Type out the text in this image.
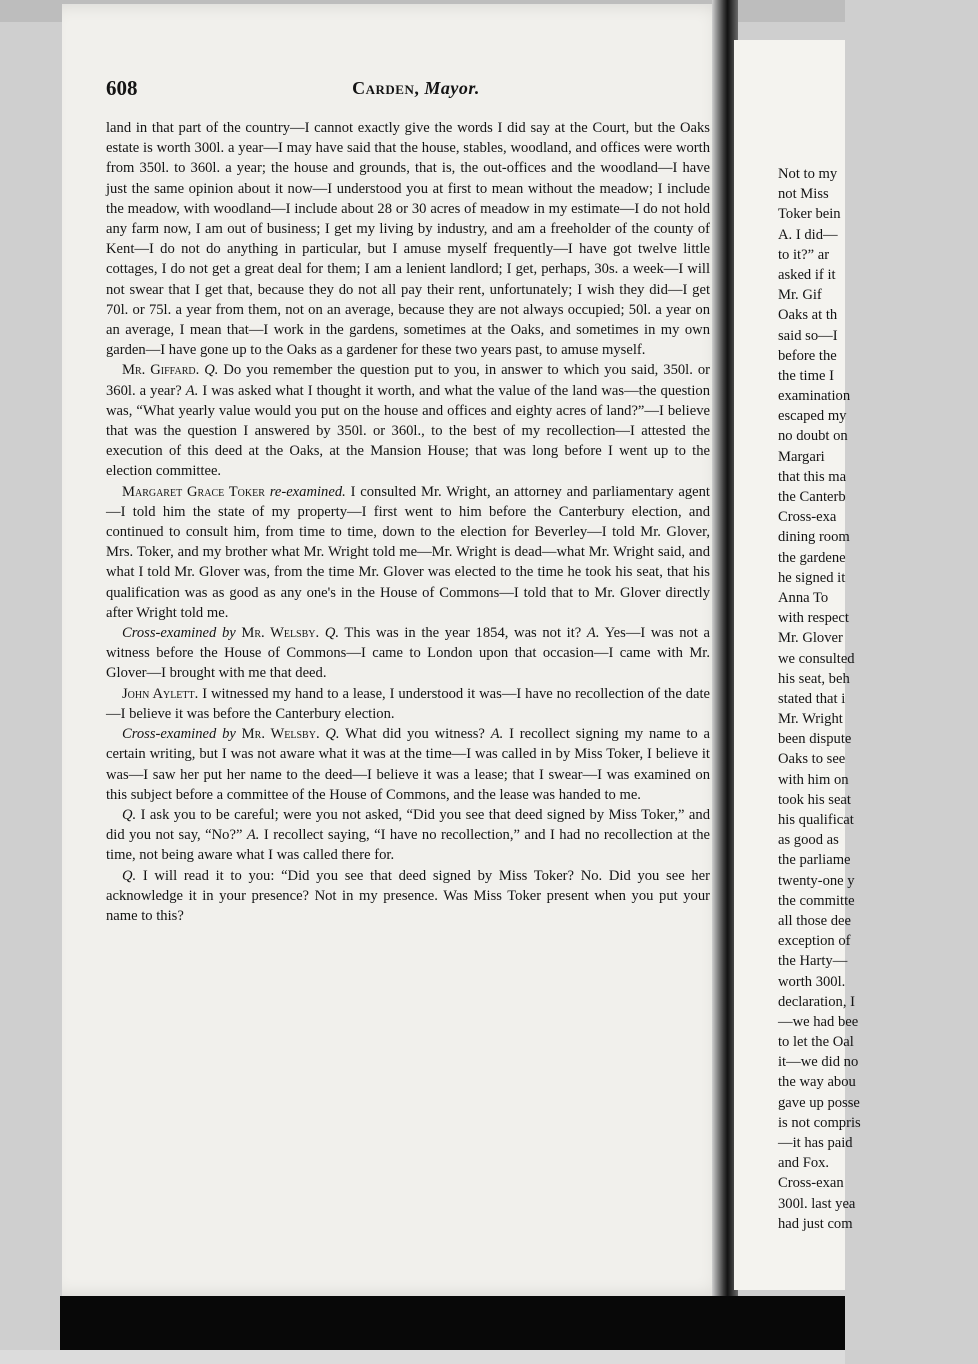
608	Carden, Mayor.

land in that part of the country—I cannot exactly give the words I did say at the Court, but the Oaks estate is worth 300l. a year—I may have said that the house, stables, woodland, and offices were worth from 350l. to 360l. a year; the house and grounds, that is, the out-offices and the woodland—I have just the same opinion about it now—I understood you at first to mean without the meadow; I include the meadow, with woodland—I include about 28 or 30 acres of meadow in my estimate—I do not hold any farm now, I am out of business; I get my living by industry, and am a freeholder of the county of Kent—I do not do anything in particular, but I amuse myself frequently—I have got twelve little cottages, I do not get a great deal for them; I am a lenient landlord; I get, perhaps, 30s. a week—I will not swear that I get that, because they do not all pay their rent, unfortunately; I wish they did—I get 70l. or 75l. a year from them, not on an average, because they are not always occupied; 50l. a year on an average, I mean that—I work in the gardens, sometimes at the Oaks, and sometimes in my own garden—I have gone up to the Oaks as a gardener for these two years past, to amuse myself.

Mr. Giffard. Q. Do you remember the question put to you, in answer to which you said, 350l. or 360l. a year? A. I was asked what I thought it worth, and what the value of the land was—the question was, “What yearly value would you put on the house and offices and eighty acres of land?”—I believe that was the question I answered by 350l. or 360l., to the best of my recollection—I attested the execution of this deed at the Oaks, at the Mansion House; that was long before I went up to the election committee.

Margaret Grace Toker re-examined. I consulted Mr. Wright, an attorney and parliamentary agent—I told him the state of my property—I first went to him before the Canterbury election, and continued to consult him, from time to time, down to the election for Beverley—I told Mr. Glover, Mrs. Toker, and my brother what Mr. Wright told me—Mr. Wright is dead—what Mr. Wright said, and what I told Mr. Glover was, from the time Mr. Glover was elected to the time he took his seat, that his qualification was as good as any one's in the House of Commons—I told that to Mr. Glover directly after Wright told me.

Cross-examined by Mr. Welsby. Q. This was in the year 1854, was not it? A. Yes—I was not a witness before the House of Commons—I came to London upon that occasion—I came with Mr. Glover—I brought with me that deed.

John Aylett. I witnessed my hand to a lease, I understood it was—I have no recollection of the date—I believe it was before the Canterbury election.

Cross-examined by Mr. Welsby. Q. What did you witness? A. I recollect signing my name to a certain writing, but I was not aware what it was at the time—I was called in by Miss Toker, I believe it was—I saw her put her name to the deed—I believe it was a lease; that I swear—I was examined on this subject before a committee of the House of Commons, and the lease was handed to me.

Q. I ask you to be careful; were you not asked, “Did you see that deed signed by Miss Toker,” and did you not say, “No?” A. I recollect saying, “I have no recollection,” and I had no recollection at the time, not being aware what I was called there for.

Q. I will read it to you: “Did you see that deed signed by Miss Toker? No. Did you see her acknowledge it in your presence? Not in my presence. Was Miss Toker present when you put your name to this?

Not to my
not Miss
Toker bein
A. I did—
to it?” ar
asked if it
Mr. Gif
Oaks at th
said so—I
before the
the time I
examination
escaped my
no doubt on
Margari
that this ma
the Canterb
Cross-exa
dining room
the gardene
he signed it
Anna To
with respect
Mr. Glover
we consulted
his seat, beh
stated that i
Mr. Wright
been dispute
Oaks to see
with him on
took his seat
his qualificat
as good as
the parliame
twenty-one y
the committe
all those dee
exception of
the Harty—
worth 300l.
declaration, I
—we had bee
to let the Oal
it—we did no
the way abou
gave up posse
is not compris
—it has paid
and Fox.
Cross-exan
300l. last yea
had just com
